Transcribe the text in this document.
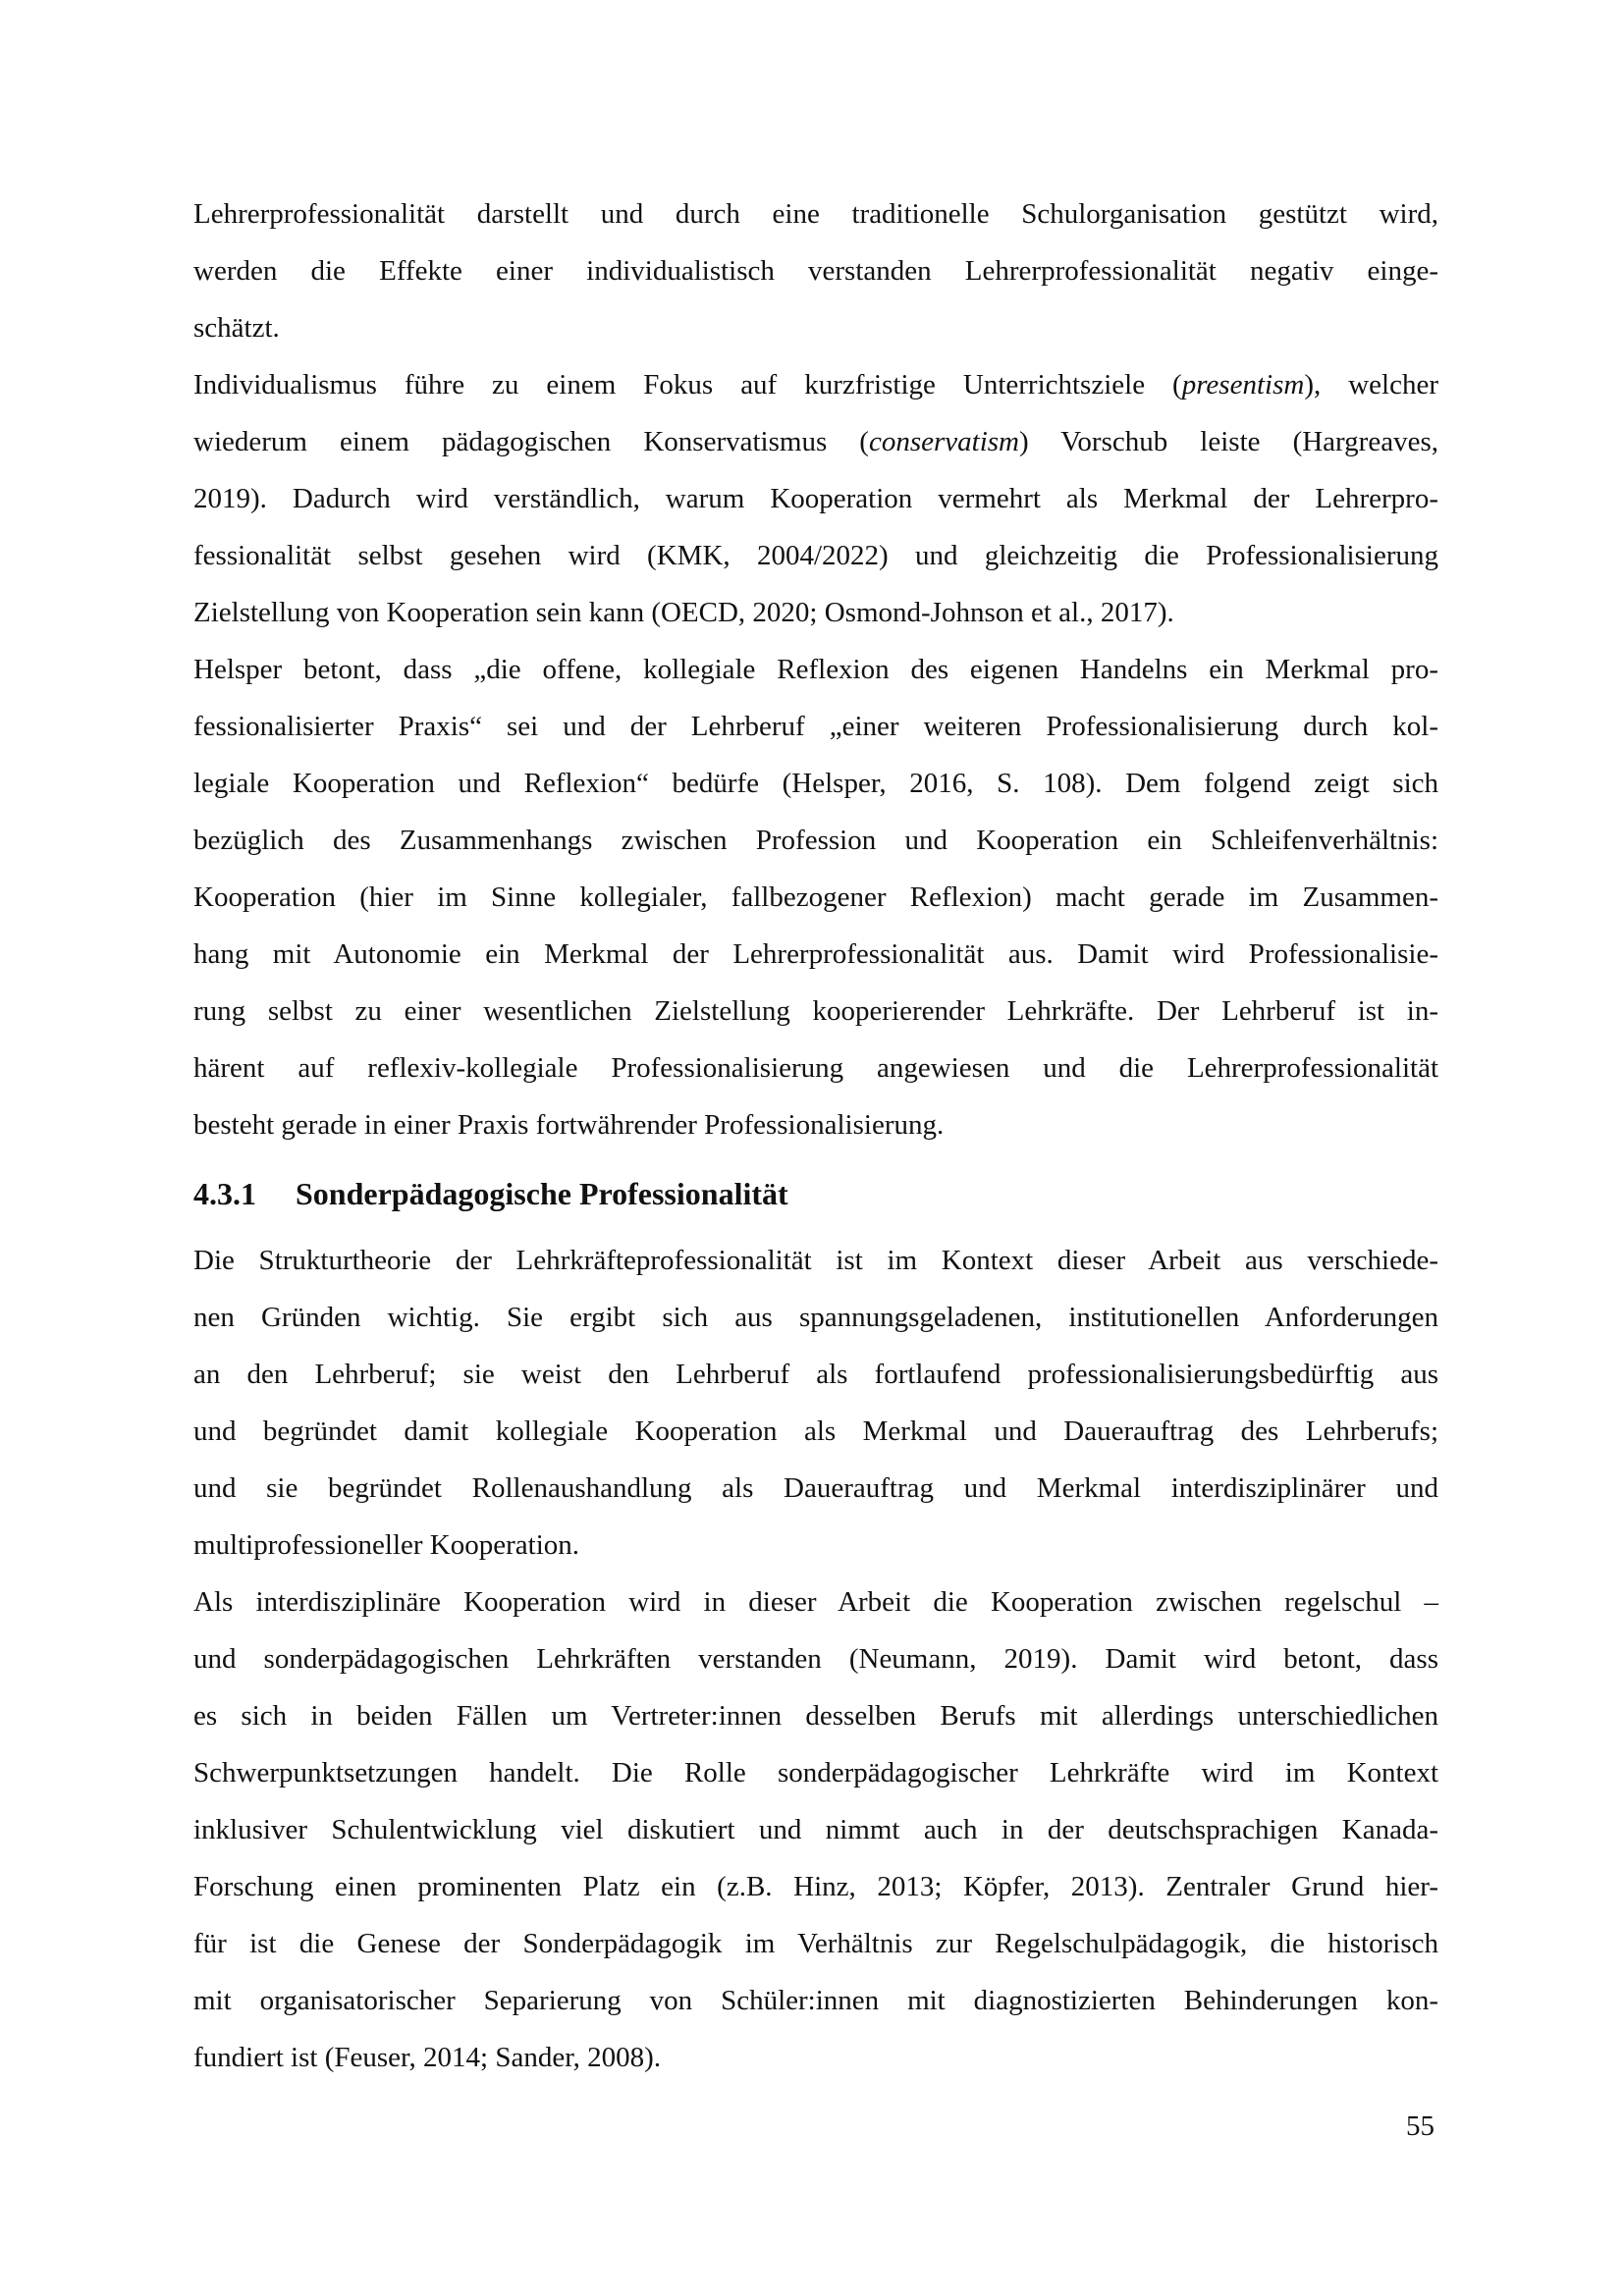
Lehrerprofessionalität darstellt und durch eine traditionelle Schulorganisation gestützt wird,
werden die Effekte einer individualistisch verstanden Lehrerprofessionalität negativ einge-
schätzt.
Individualismus führe zu einem Fokus auf kurzfristige Unterrichtsziele (presentism), welcher
wiederum einem pädagogischen Konservatismus (conservatism) Vorschub leiste (Hargreaves,
2019). Dadurch wird verständlich, warum Kooperation vermehrt als Merkmal der Lehrerpro-
fessionalität selbst gesehen wird (KMK, 2004/2022) und gleichzeitig die Professionalisierung
Zielstellung von Kooperation sein kann (OECD, 2020; Osmond-Johnson et al., 2017).
Helsper betont, dass „die offene, kollegiale Reflexion des eigenen Handelns ein Merkmal pro-
fessionalisierter Praxis“ sei und der Lehrberuf „einer weiteren Professionalisierung durch kol-
legiale Kooperation und Reflexion“ bedürfe (Helsper, 2016, S. 108). Dem folgend zeigt sich
bezüglich des Zusammenhangs zwischen Profession und Kooperation ein Schleifenverhältnis:
Kooperation (hier im Sinne kollegialer, fallbezogener Reflexion) macht gerade im Zusammen-
hang mit Autonomie ein Merkmal der Lehrerprofessionalität aus. Damit wird Professionalisie-
rung selbst zu einer wesentlichen Zielstellung kooperierender Lehrkräfte. Der Lehrberuf ist in-
härent auf reflexiv-kollegiale Professionalisierung angewiesen und die Lehrerprofessionalität
besteht gerade in einer Praxis fortwährender Professionalisierung.
4.3.1 Sonderpädagogische Professionalität
Die Strukturtheorie der Lehrkräfteprofessionalität ist im Kontext dieser Arbeit aus verschiede-
nen Gründen wichtig. Sie ergibt sich aus spannungsgeladenen, institutionellen Anforderungen
an den Lehrberuf; sie weist den Lehrberuf als fortlaufend professionalisierungsbedürftig aus
und begründet damit kollegiale Kooperation als Merkmal und Dauerauftrag des Lehrberufs;
und sie begründet Rollenaushandlung als Dauerauftrag und Merkmal interdisziplinärer und
multiprofessioneller Kooperation.
Als interdisziplinäre Kooperation wird in dieser Arbeit die Kooperation zwischen regelschul –
und sonderpädagogischen Lehrkräften verstanden (Neumann, 2019). Damit wird betont, dass
es sich in beiden Fällen um Vertreter:innen desselben Berufs mit allerdings unterschiedlichen
Schwerpunktsetzungen handelt. Die Rolle sonderpädagogischer Lehrkräfte wird im Kontext
inklusiver Schulentwicklung viel diskutiert und nimmt auch in der deutschsprachigen Kanada-
Forschung einen prominenten Platz ein (z.B. Hinz, 2013; Köpfer, 2013). Zentraler Grund hier-
für ist die Genese der Sonderpädagogik im Verhältnis zur Regelschulpädagogik, die historisch
mit organisatorischer Separierung von Schüler:innen mit diagnostizierten Behinderungen kon-
fundiert ist (Feuser, 2014; Sander, 2008).
55
